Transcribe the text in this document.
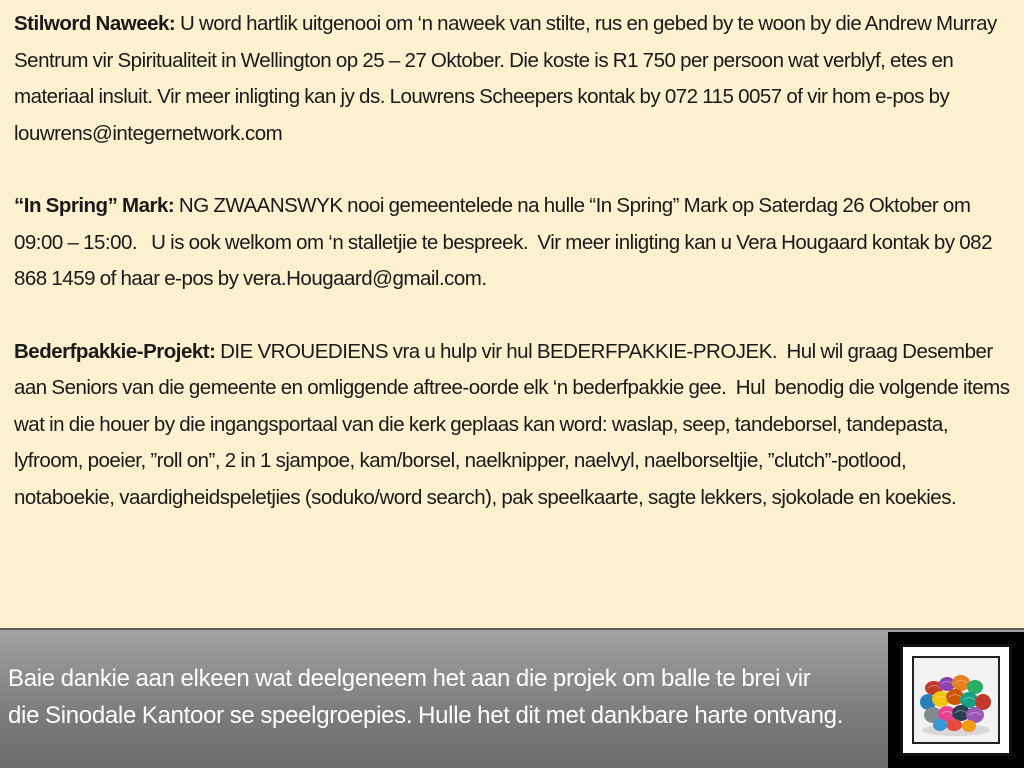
Stilword Naweek: U word hartlik uitgenooi om ‘n naweek van stilte, rus en gebed by te woon by die Andrew Murray Sentrum vir Spiritualiteit in Wellington op 25 – 27 Oktober. Die koste is R1 750 per persoon wat verblyf, etes en materiaal insluit. Vir meer inligting kan jy ds. Louwrens Scheepers kontak by 072 115 0057 of vir hom e-pos by louwrens@integernetwork.com

“In Spring” Mark: NG ZWAANSWYK nooi gemeentelede na hulle “In Spring” Mark op Saterdag 26 Oktober om 09:00 – 15:00.   U is ook welkom om ‘n stalletjie te bespreek.  Vir meer inligting kan u Vera Hougaard kontak by 082 868 1459 of haar e-pos by vera.Hougaard@gmail.com.

Bederfpakkie-Projekt: DIE VROUEDIENS vra u hulp vir hul BEDERFPAKKIE-PROJEK.  Hul wil graag Desember aan Seniors van die gemeente en omliggende aftree-oorde elk ‘n bederfpakkie gee.  Hul  benodig die volgende items wat in die houer by die ingangsportaal van die kerk geplaas kan word: waslap, seep, tandeborsel, tandepasta, lyfroom, poeier, ”roll on”, 2 in 1 sjampoe, kam/borsel, naelknipper, naelvyl, naelborseltjie, ”clutch”-potlood, notaboekie, vaardigheidspeletjies (soduko/word search), pak speelkaarte, sagte lekkers, sjokolade en koekies.

Baie dankie aan elkeen wat deelgeneem het aan die projek om balle te brei vir
die Sinodale Kantoor se speelgroepies. Hulle het dit met dankbare harte ontvang.
